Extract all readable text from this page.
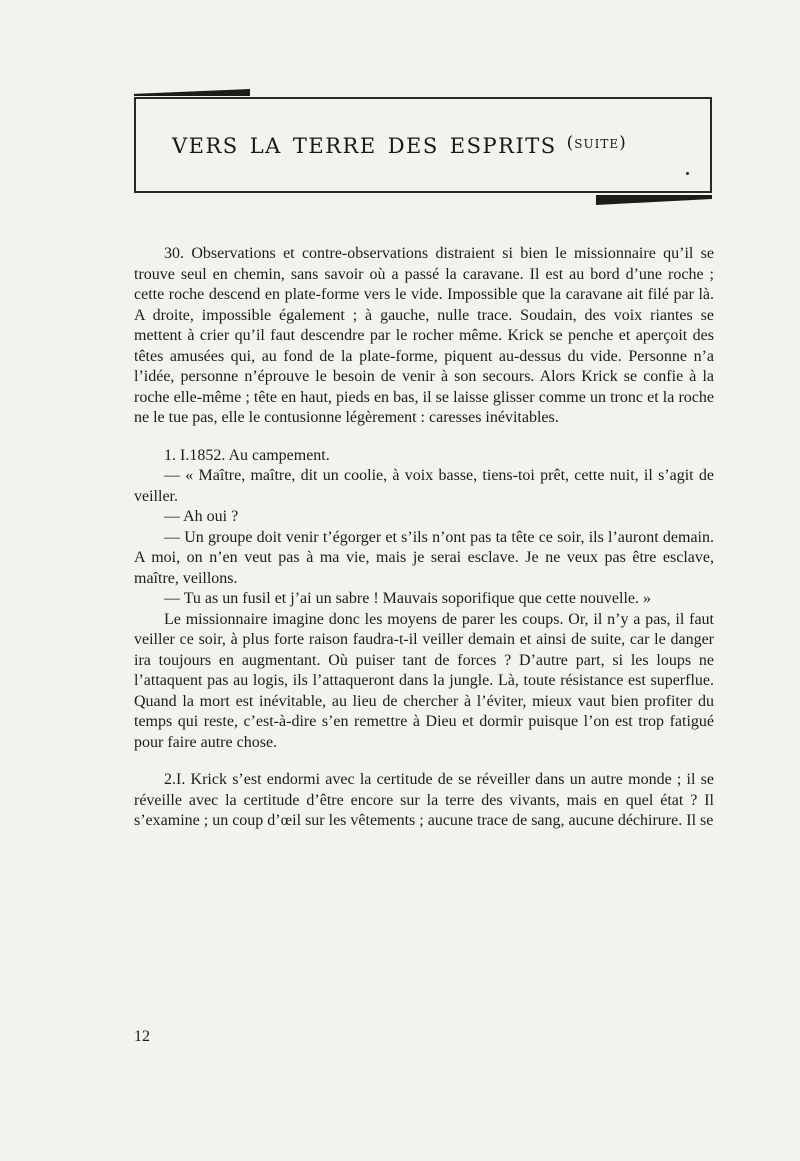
vers la terre des esprits (suite)

30. Observations et contre-observations distraient si bien le missionnaire qu’il se trouve seul en chemin, sans savoir où a passé la caravane. Il est au bord d’une roche ; cette roche descend en plate-forme vers le vide. Impossible que la caravane ait filé par là. A droite, impossible également ; à gauche, nulle trace. Soudain, des voix riantes se mettent à crier qu’il faut descendre par le rocher même. Krick se penche et aperçoit des têtes amusées qui, au fond de la plate-forme, piquent au-dessus du vide. Personne n’a l’idée, personne n’éprouve le besoin de venir à son secours. Alors Krick se confie à la roche elle-même ; tête en haut, pieds en bas, il se laisse glisser comme un tronc et la roche ne le tue pas, elle le contusionne légèrement : caresses inévitables.

1. I.1852. Au campement.

— « Maître, maître, dit un coolie, à voix basse, tiens-toi prêt, cette nuit, il s’agit de veiller.

— Ah oui ?

— Un groupe doit venir t’égorger et s’ils n’ont pas ta tête ce soir, ils l’auront demain. A moi, on n’en veut pas à ma vie, mais je serai esclave. Je ne veux pas être esclave, maître, veillons.

— Tu as un fusil et j’ai un sabre ! Mauvais soporifique que cette nouvelle. »

Le missionnaire imagine donc les moyens de parer les coups. Or, il n’y a pas, il faut veiller ce soir, à plus forte raison faudra-t-il veiller demain et ainsi de suite, car le danger ira toujours en augmentant. Où puiser tant de forces ? D’autre part, si les loups ne l’attaquent pas au logis, ils l’attaqueront dans la jungle. Là, toute résistance est superflue. Quand la mort est inévitable, au lieu de chercher à l’éviter, mieux vaut bien profiter du temps qui reste, c’est-à-dire s’en remettre à Dieu et dormir puisque l’on est trop fatigué pour faire autre chose.

2.I. Krick s’est endormi avec la certitude de se réveiller dans un autre monde ; il se réveille avec la certitude d’être encore sur la terre des vivants, mais en quel état ? Il s’examine ; un coup d’œil sur les vêtements ; aucune trace de sang, aucune déchirure. Il se

12
